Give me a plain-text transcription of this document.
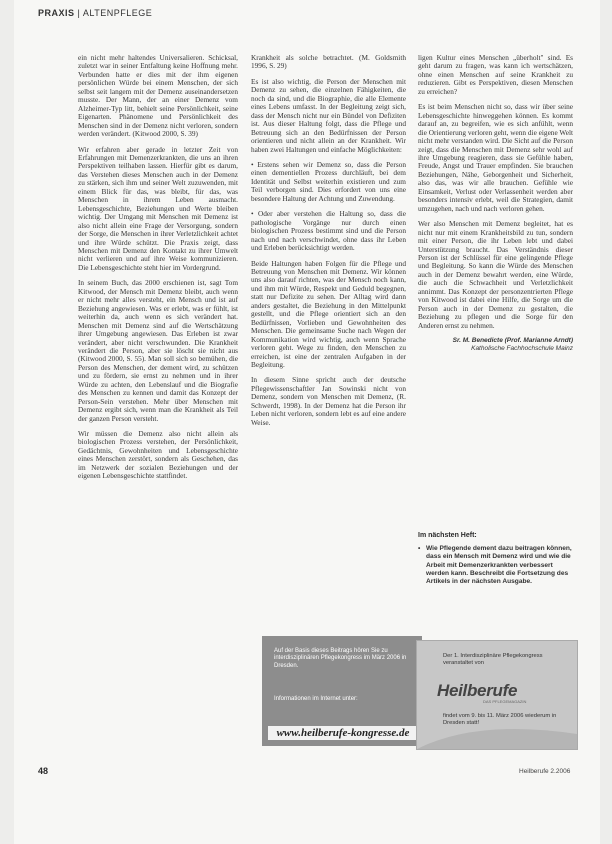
PRAXIS | ALTENPFLEGE

ein nicht mehr haltendes Universalieren. Schicksal, zuletzt war in seiner Entfaltung keine Hoffnung mehr. Verbunden hatte er dies mit der ihm eigenen persönlichen Würde bei einem Menschen, der sich selbst seit langem mit der Demenz auseinandersetzen musste. Der Mann, der an einer Demenz vom Alzheimer-Typ litt, behielt seine Persönlichkeit, seine Eigenarten. Phänomene und Persönlichkeit des Menschen sind in der Demenz nicht verloren, sondern werden verändert. (Kitwood 2000, S. 39)

Wir erfahren aber gerade in letzter Zeit von Erfahrungen mit Demenzerkrankten, die uns an ihren Perspektiven teilhaben lassen. Hierfür gibt es darum, das Verstehen dieses Menschen auch in der Demenz zu stärken, sich ihm und seiner Welt zuzuwenden, mit einem Blick für das, was bleibt, für das, was Menschen in ihrem Leben ausmacht. Lebensgeschichte, Beziehungen und Werte bleiben wichtig. Der Umgang mit Menschen mit Demenz ist also nicht allein eine Frage der Versorgung, sondern der Sorge, die Menschen in ihrer Verletzlichkeit achtet und ihre Würde schützt. Die Praxis zeigt, dass Menschen mit Demenz den Kontakt zu ihrer Umwelt nicht verlieren und auf ihre Weise kommunizieren. Die Lebensgeschichte steht hier im Vordergrund.

In seinem Buch, das 2000 erschienen ist, sagt Tom Kitwood, der Mensch mit Demenz bleibt, auch wenn er nicht mehr alles versteht, ein Mensch und ist auf Beziehung angewiesen. Was er erlebt, was er fühlt, ist weiterhin da, auch wenn es sich verändert hat. Menschen mit Demenz sind auf die Wertschätzung ihrer Umgebung angewiesen. Das Erleben ist zwar verändert, aber nicht verschwunden. Die Krankheit verändert die Person, aber sie löscht sie nicht aus (Kitwood 2000, S. 55). Man soll sich so bemühen, die Person des Menschen, der dement wird, zu schützen und zu fördern, sie ernst zu nehmen und in ihrer Würde zu achten, den Lebenslauf und die Biografie des Menschen zu kennen und damit das Konzept der Person-Sein verstehen. Mehr über Menschen mit Demenz ergibt sich, wenn man die Krankheit als Teil der ganzen Person versteht.

Wir müssen die Demenz also nicht allein als biologischen Prozess verstehen, der Persönlichkeit, Gedächtnis, Gewohnheiten und Lebensgeschichte eines Menschen zerstört, sondern als Geschehen, das im Netzwerk der sozialen Beziehungen und der eigenen Lebensgeschichte stattfindet.

Krankheit als solche betrachtet. (M. Goldsmith 1996, S. 29)

Es ist also wichtig, die Person der Menschen mit Demenz zu sehen, die einzelnen Fähigkeiten, die noch da sind, und die Biographie, die alle Elemente eines Lebens umfasst. In der Begleitung zeigt sich, dass der Mensch nicht nur ein Bündel von Defiziten ist. Aus dieser Haltung folgt, dass die Pflege und Betreuung sich an den Bedürfnissen der Person orientieren und nicht allein an der Krankheit. Wir haben zwei Haltungen und einfache Möglichkeiten:

• Erstens sehen wir Demenz so, dass die Person einen dementiellen Prozess durchläuft, bei dem Identität und Selbst weiterhin existieren und zum Teil verborgen sind. Dies erfordert von uns eine besondere Haltung der Achtung und Zuwendung.

• Oder aber verstehen die Haltung so, dass die pathologische Vorgänge nur durch einen biologischen Prozess bestimmt sind und die Person nach und nach verschwindet, ohne dass ihr Leben und Erleben berücksichtigt werden.

Beide Haltungen haben Folgen für die Pflege und Betreuung von Menschen mit Demenz. Wir können uns also darauf richten, was der Mensch noch kann, und ihm mit Würde, Respekt und Geduld begegnen, statt nur Defizite zu sehen. Der Alltag wird dann anders gestaltet, die Beziehung in den Mittelpunkt gestellt, und die Pflege orientiert sich an den Bedürfnissen, Vorlieben und Gewohnheiten des Menschen. Die gemeinsame Suche nach Wegen der Kommunikation wird wichtig, auch wenn Sprache verloren geht. Wege zu finden, den Menschen zu erreichen, ist eine der zentralen Aufgaben in der Begleitung.

In diesem Sinne spricht auch der deutsche Pflegewissenschaftler Jan Sowinski nicht von Demenz, sondern von Menschen mit Demenz, (R. Schwerdt, 1998). In der Demenz hat die Person ihr Leben nicht verloren, sondern lebt es auf eine andere Weise.

ligen Kultur eines Menschen „überholt" sind. Es geht darum zu fragen, was kann ich wertschätzen, ohne einen Menschen auf seine Krankheit zu reduzieren. Gibt es Perspektiven, diesen Menschen zu erreichen?

Es ist beim Menschen nicht so, dass wir über seine Lebensgeschichte hinweggehen können. Es kommt darauf an, zu begreifen, wie es sich anfühlt, wenn die Orientierung verloren geht, wenn die eigene Welt nicht mehr verstanden wird. Die Sicht auf die Person zeigt, dass die Menschen mit Demenz sehr wohl auf ihre Umgebung reagieren, dass sie Gefühle haben, Freude, Angst und Trauer empfinden. Sie brauchen Beziehungen, Nähe, Geborgenheit und Sicherheit, also das, was wir alle brauchen. Gefühle wie Einsamkeit, Verlust oder Verlassenheit werden aber besonders intensiv erlebt, weil die Strategien, damit umzugehen, nach und nach verloren gehen.

Wer also Menschen mit Demenz begleitet, hat es nicht nur mit einem Krankheitsbild zu tun, sondern mit einer Person, die ihr Leben lebt und dabei Unterstützung braucht. Das Verständnis dieser Person ist der Schlüssel für eine gelingende Pflege und Begleitung. So kann die Würde des Menschen auch in der Demenz bewahrt werden, eine Würde, die auch die Schwachheit und Verletzlichkeit annimmt. Das Konzept der personzentrierten Pflege von Kitwood ist dabei eine Hilfe, die Sorge um die Person auch in der Demenz zu gestalten, die Beziehung zu pflegen und die Sorge für den Anderen ernst zu nehmen.

Sr. M. Benedicte (Prof. Marianne Arndt)
Katholische Fachhochschule Mainz
Im nächsten Heft:
• Wie Pflegende dement dazu beitragen können, dass ein Mensch mit Demenz wird und wie die Arbeit mit Demenzerkrankten verbessert werden kann. Beschreibt die Fortsetzung des Artikels in der nächsten Ausgabe.
Auf der Basis dieses Beitrags hören Sie zu interdisziplinären Pflegekongress im März 2006 in Dresden.
Informationen im Internet unter:
www.heilberufe-kongresse.de
Der 1. Interdisziplinäre Pflegekongress veranstaltet von
Heilberufe
DAS PFLEGEMAGAZIN
findet vom 9. bis 11. März 2006 wiederum in Dresden statt!
48	Heilberufe 2.2006
